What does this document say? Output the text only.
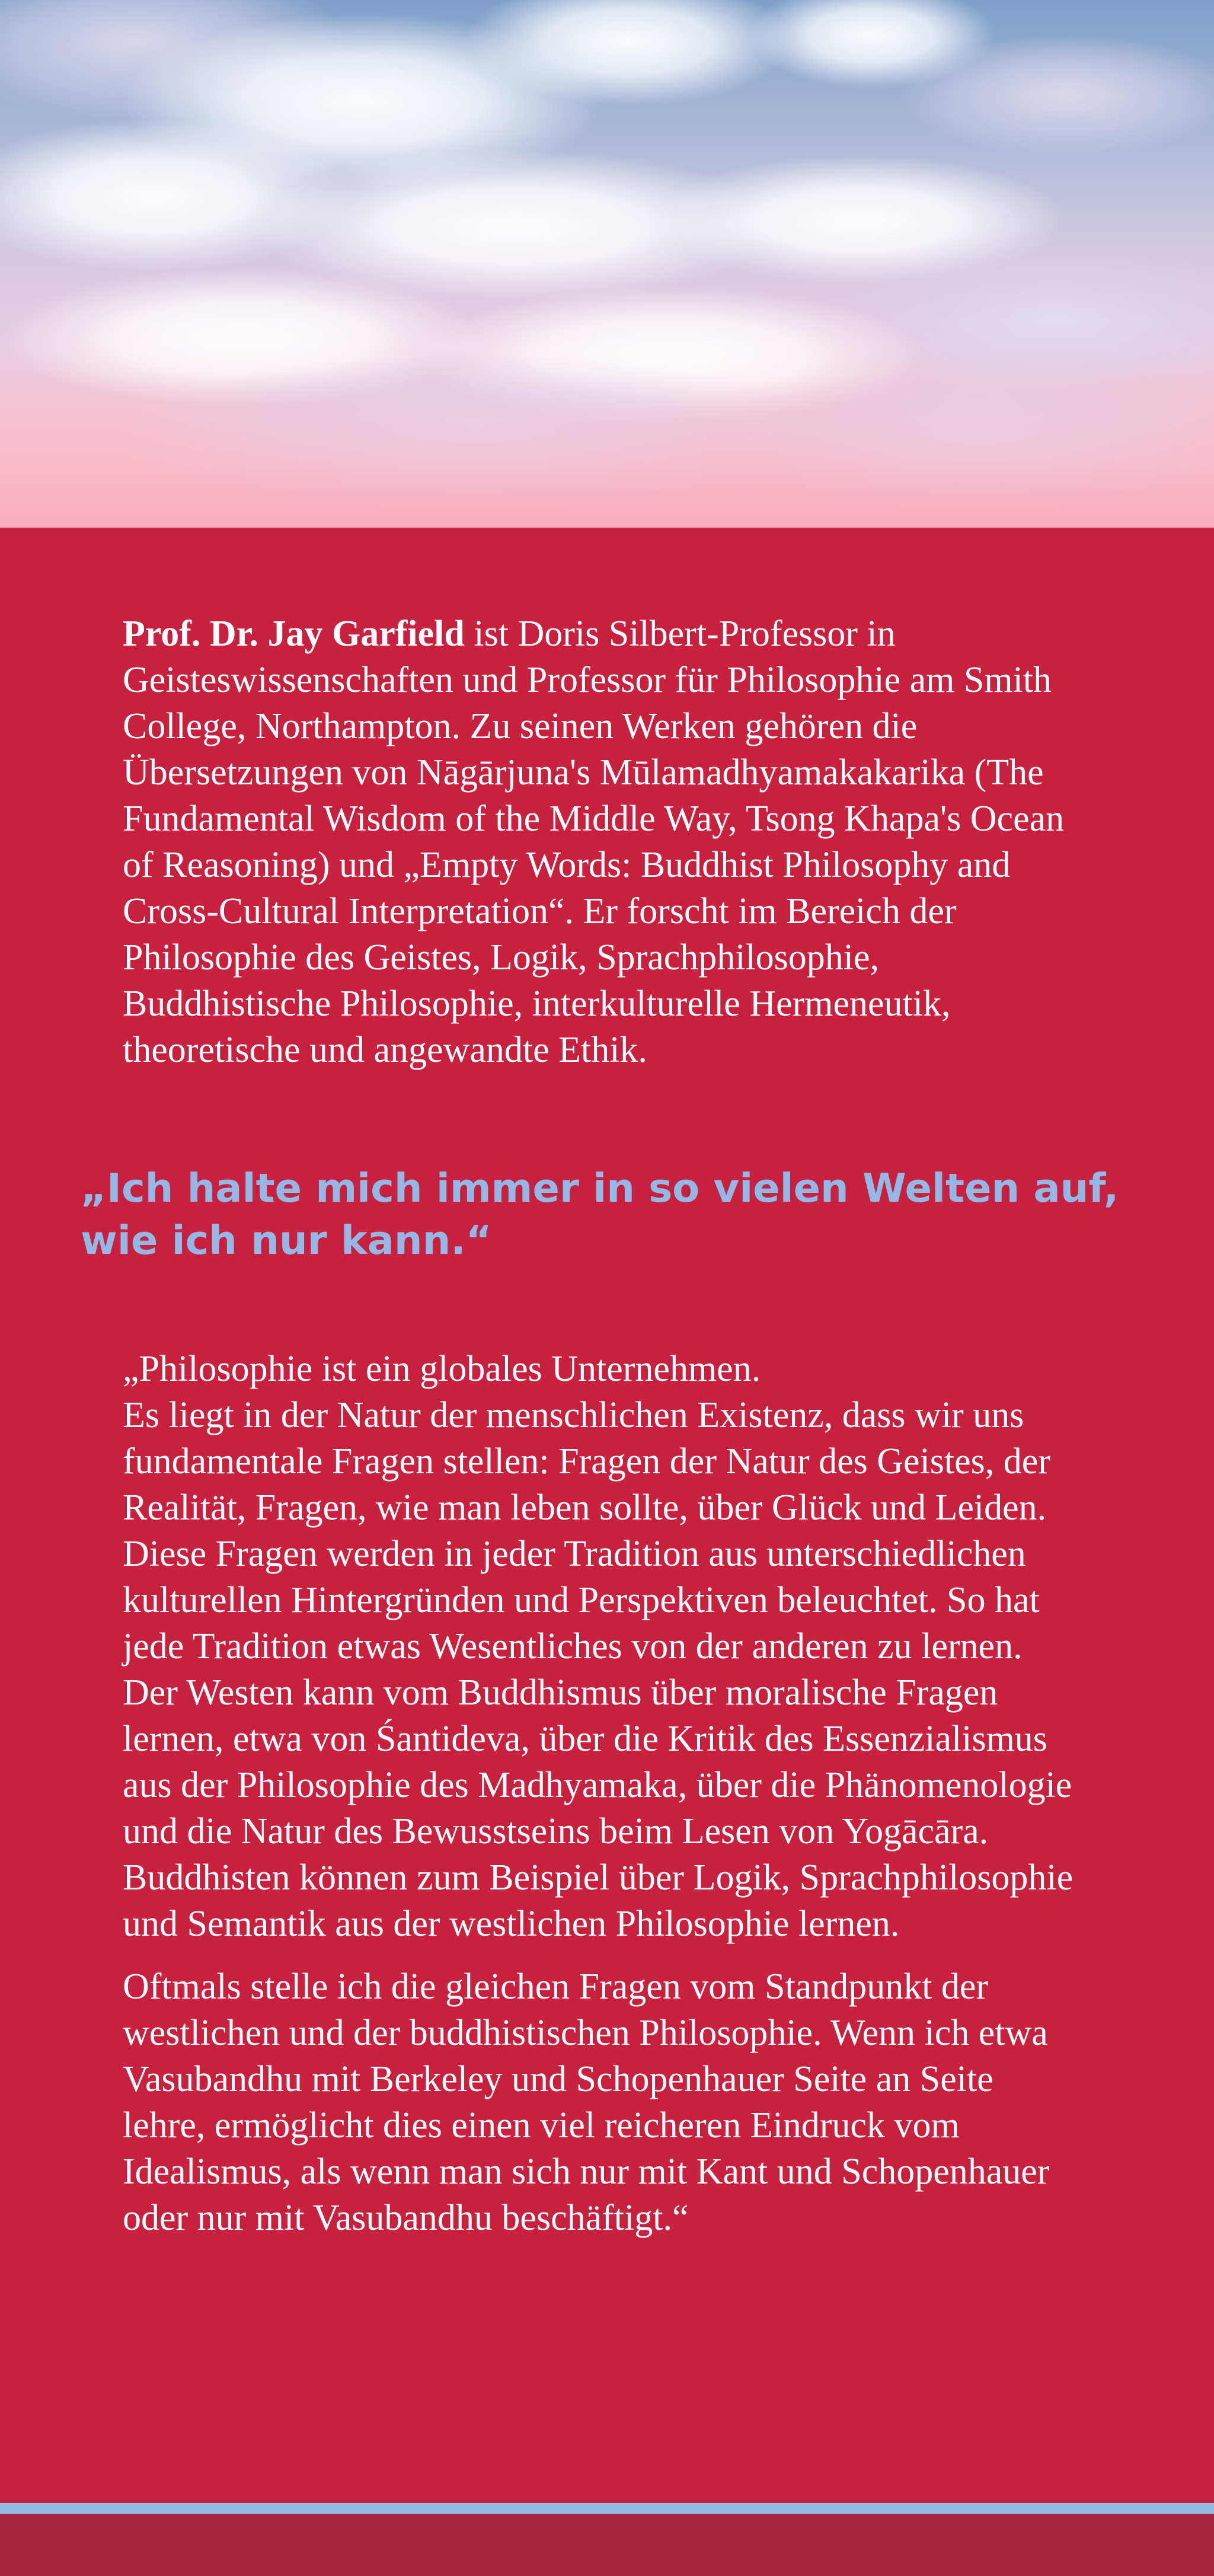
Prof. Dr. Jay Garfield ist Doris Silbert-Professor in Geisteswissenschaften und Professor für Philosophie am Smith College, Northampton. Zu seinen Werken gehören die Übersetzungen von Nāgārjuna's Mūlamadhyamakakarika (The Fundamental Wisdom of the Middle Way, Tsong Khapa's Ocean of Reasoning) und „Empty Words: Buddhist Philosophy and Cross-Cultural Interpretation“. Er forscht im Bereich der Philosophie des Geistes, Logik, Sprachphilosophie, Buddhistische Philosophie, interkulturelle Hermeneutik, theoretische und angewandte Ethik.

„Ich halte mich immer in so vielen Welten auf, wie ich nur kann.“

„Philosophie ist ein globales Unternehmen.

Es liegt in der Natur der menschlichen Existenz, dass wir uns fundamentale Fragen stellen: Fragen der Natur des Geistes, der Realität, Fragen, wie man leben sollte, über Glück und Leiden. Diese Fragen werden in jeder Tradition aus unterschiedlichen kulturellen Hintergründen und Perspektiven beleuchtet. So hat jede Tradition etwas Wesentliches von der anderen zu lernen.

Der Westen kann vom Buddhismus über moralische Fragen lernen, etwa von Śantideva, über die Kritik des Essenzialismus aus der Philosophie des Madhyamaka, über die Phänomenologie und die Natur des Bewusstseins beim Lesen von Yogācāra. Buddhisten können zum Beispiel über Logik, Sprachphilosophie und Semantik aus der westlichen Philosophie lernen.

Oftmals stelle ich die gleichen Fragen vom Standpunkt der westlichen und der buddhistischen Philosophie. Wenn ich etwa Vasubandhu mit Berkeley und Schopenhauer Seite an Seite lehre, ermöglicht dies einen viel reicheren Eindruck vom Idealismus, als wenn man sich nur mit Kant und Schopenhauer oder nur mit Vasubandhu beschäftigt.“
